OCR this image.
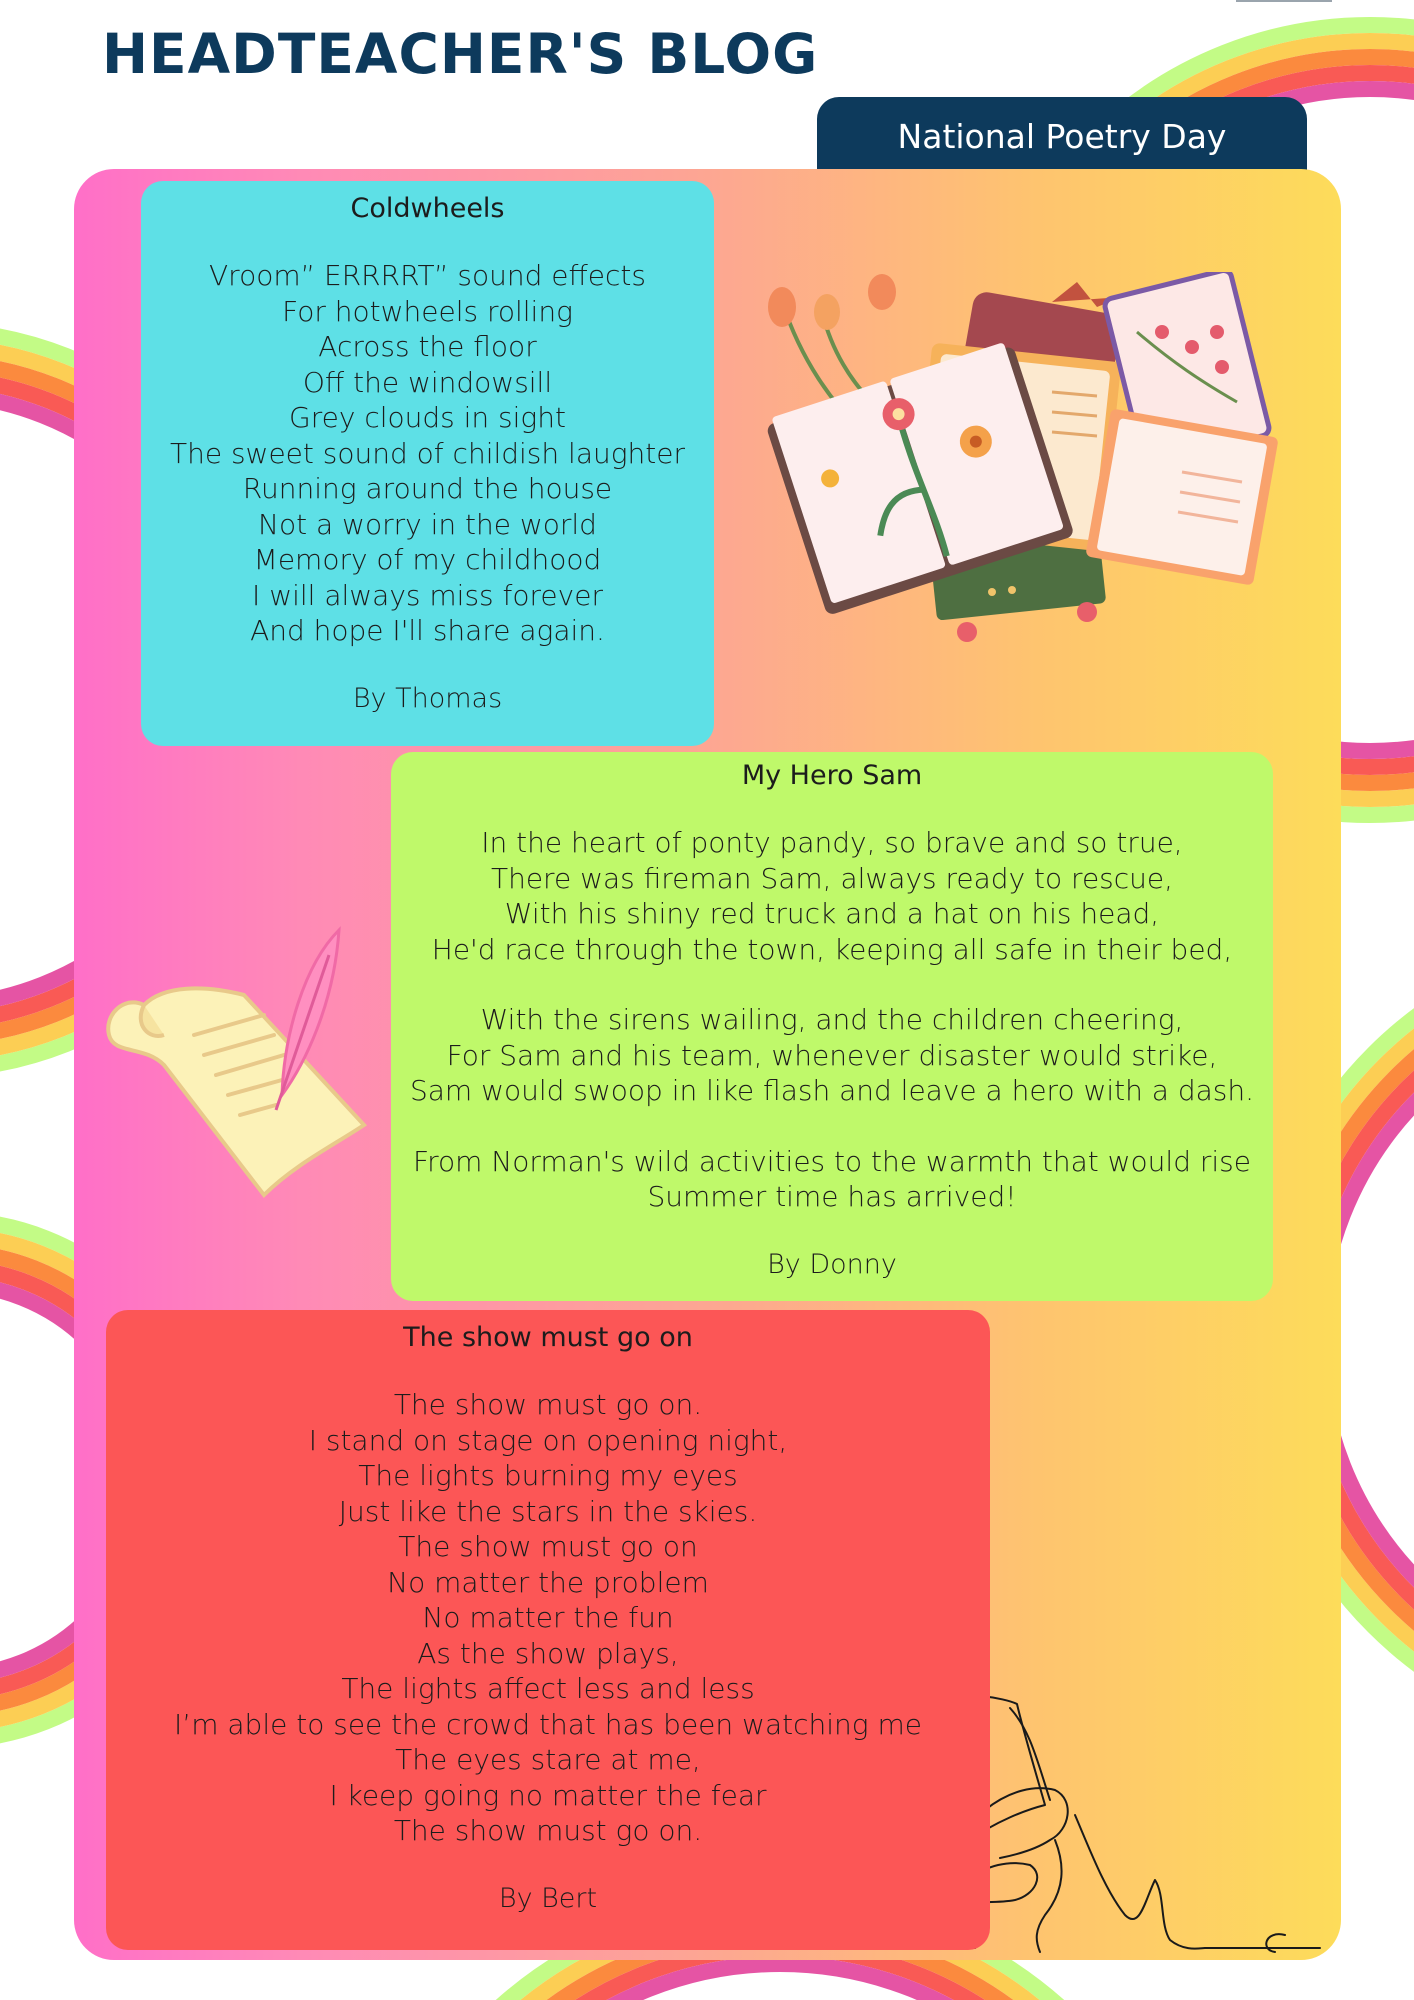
HEADTEACHER'S BLOG
National Poetry Day

Coldwheels

Vroom” ERRRRT” sound effects
For hotwheels rolling
Across the floor
Off the windowsill
Grey clouds in sight
The sweet sound of childish laughter
Running around the house
Not a worry in the world
Memory of my childhood
I will always miss forever
And hope I'll share again.
By Thomas

My Hero Sam

In the heart of ponty pandy, so brave and so true,
There was fireman Sam, always ready to rescue,
With his shiny red truck and a hat on his head,
He'd race through the town, keeping all safe in their bed,
With the sirens wailing, and the children cheering,
For Sam and his team, whenever disaster would strike,
Sam would swoop in like flash and leave a hero with a dash.
From Norman's wild activities to the warmth that would rise
Summer time has arrived!
By Donny

The show must go on

The show must go on.
I stand on stage on opening night,
The lights burning my eyes
Just like the stars in the skies.
The show must go on
No matter the problem
No matter the fun
As the show plays,
The lights affect less and less
I’m able to see the crowd that has been watching me
The eyes stare at me,
I keep going no matter the fear
The show must go on.
By Bert
